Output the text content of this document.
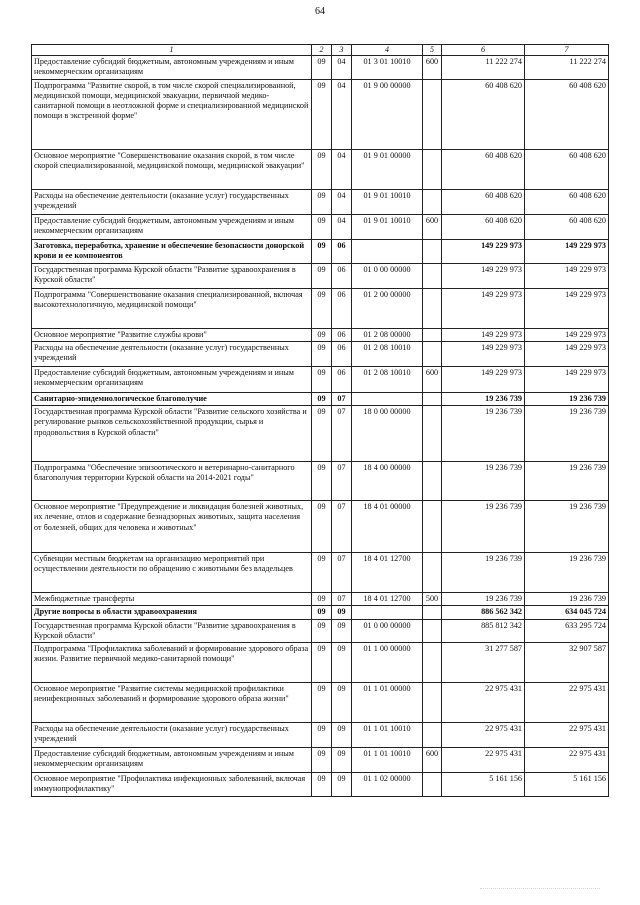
64
1	2	3	4	5	6	7
Предоставление субсидий бюджетным, автономным учреждениям и иным некоммерческим организациям	09	04	01 3 01 10010	600	11 222 274	11 222 274
Подпрограмма "Развитие скорой, в том числе скорой специализированной, медицинской помощи, медицинской эвакуации, первичной медико-санитарной помощи в неотложной форме и специализированной медицинской помощи в экстренной форме"	09	04	01 9 00 00000		60 408 620	60 408 620
Основное мероприятие "Совершенствование оказания скорой, в том числе скорой специализированной, медицинской помощи, медицинской эвакуации"	09	04	01 9 01 00000		60 408 620	60 408 620
Расходы на обеспечение деятельности (оказание услуг) государственных учреждений	09	04	01 9 01 10010		60 408 620	60 408 620
Предоставление субсидий бюджетным, автономным учреждениям и иным некоммерческим организациям	09	04	01 9 01 10010	600	60 408 620	60 408 620
Заготовка, переработка, хранение и обеспечение безопасности донорской крови и ее компонентов	09	06			149 229 973	149 229 973
Государственная программа Курской области "Развитие здравоохранения в Курской области"	09	06	01 0 00 00000		149 229 973	149 229 973
Подпрограмма "Совершенствование оказания специализированной, включая высокотехнологичную, медицинской помощи"	09	06	01 2 00 00000		149 229 973	149 229 973
Основное мероприятие "Развитие службы крови"	09	06	01 2 08 00000		149 229 973	149 229 973
Расходы на обеспечение деятельности (оказание услуг) государственных учреждений	09	06	01 2 08 10010		149 229 973	149 229 973
Предоставление субсидий бюджетным, автономным учреждениям и иным некоммерческим организациям	09	06	01 2 08 10010	600	149 229 973	149 229 973
Санитарно-эпидемиологическое благополучие	09	07			19 236 739	19 236 739
Государственная программа Курской области "Развитие сельского хозяйства и регулирование рынков сельскохозяйственной продукции, сырья и продовольствия в Курской области"	09	07	18 0 00 00000		19 236 739	19 236 739
Подпрограмма "Обеспечение эпизоотического и ветеринарно-санитарного благополучия территории Курской области на 2014-2021 годы"	09	07	18 4 00 00000		19 236 739	19 236 739
Основное мероприятие "Предупреждение и ликвидация болезней животных, их лечение, отлов и содержание безнадзорных животных, защита населения от болезней, общих для человека и животных"	09	07	18 4 01 00000		19 236 739	19 236 739
Субвенции местным бюджетам на организацию мероприятий при осуществлении деятельности по обращению с животными без владельцев	09	07	18 4 01 12700		19 236 739	19 236 739
Межбюджетные трансферты	09	07	18 4 01 12700	500	19 236 739	19 236 739
Другие вопросы в области здравоохранения	09	09			886 562 342	634 045 724
Государственная программа Курской области "Развитие здравоохранения в Курской области"	09	09	01 0 00 00000		885 812 342	633 295 724
Подпрограмма "Профилактика заболеваний и формирование здорового образа жизни. Развитие первичной медико-санитарной помощи"	09	09	01 1 00 00000		31 277 587	32 907 587
Основное мероприятие "Развитие системы медицинской профилактики неинфекционных заболеваний и формирование здорового образа жизни"	09	09	01 1 01 00000		22 975 431	22 975 431
Расходы на обеспечение деятельности (оказание услуг) государственных учреждений	09	09	01 1 01 10010		22 975 431	22 975 431
Предоставление субсидий бюджетным, автономным учреждениям и иным некоммерческим организациям	09	09	01 1 01 10010	600	22 975 431	22 975 431
Основное мероприятие "Профилактика инфекционных заболеваний, включая иммунопрофилактику"	09	09	01 1 02 00000		5 161 156	5 161 156
